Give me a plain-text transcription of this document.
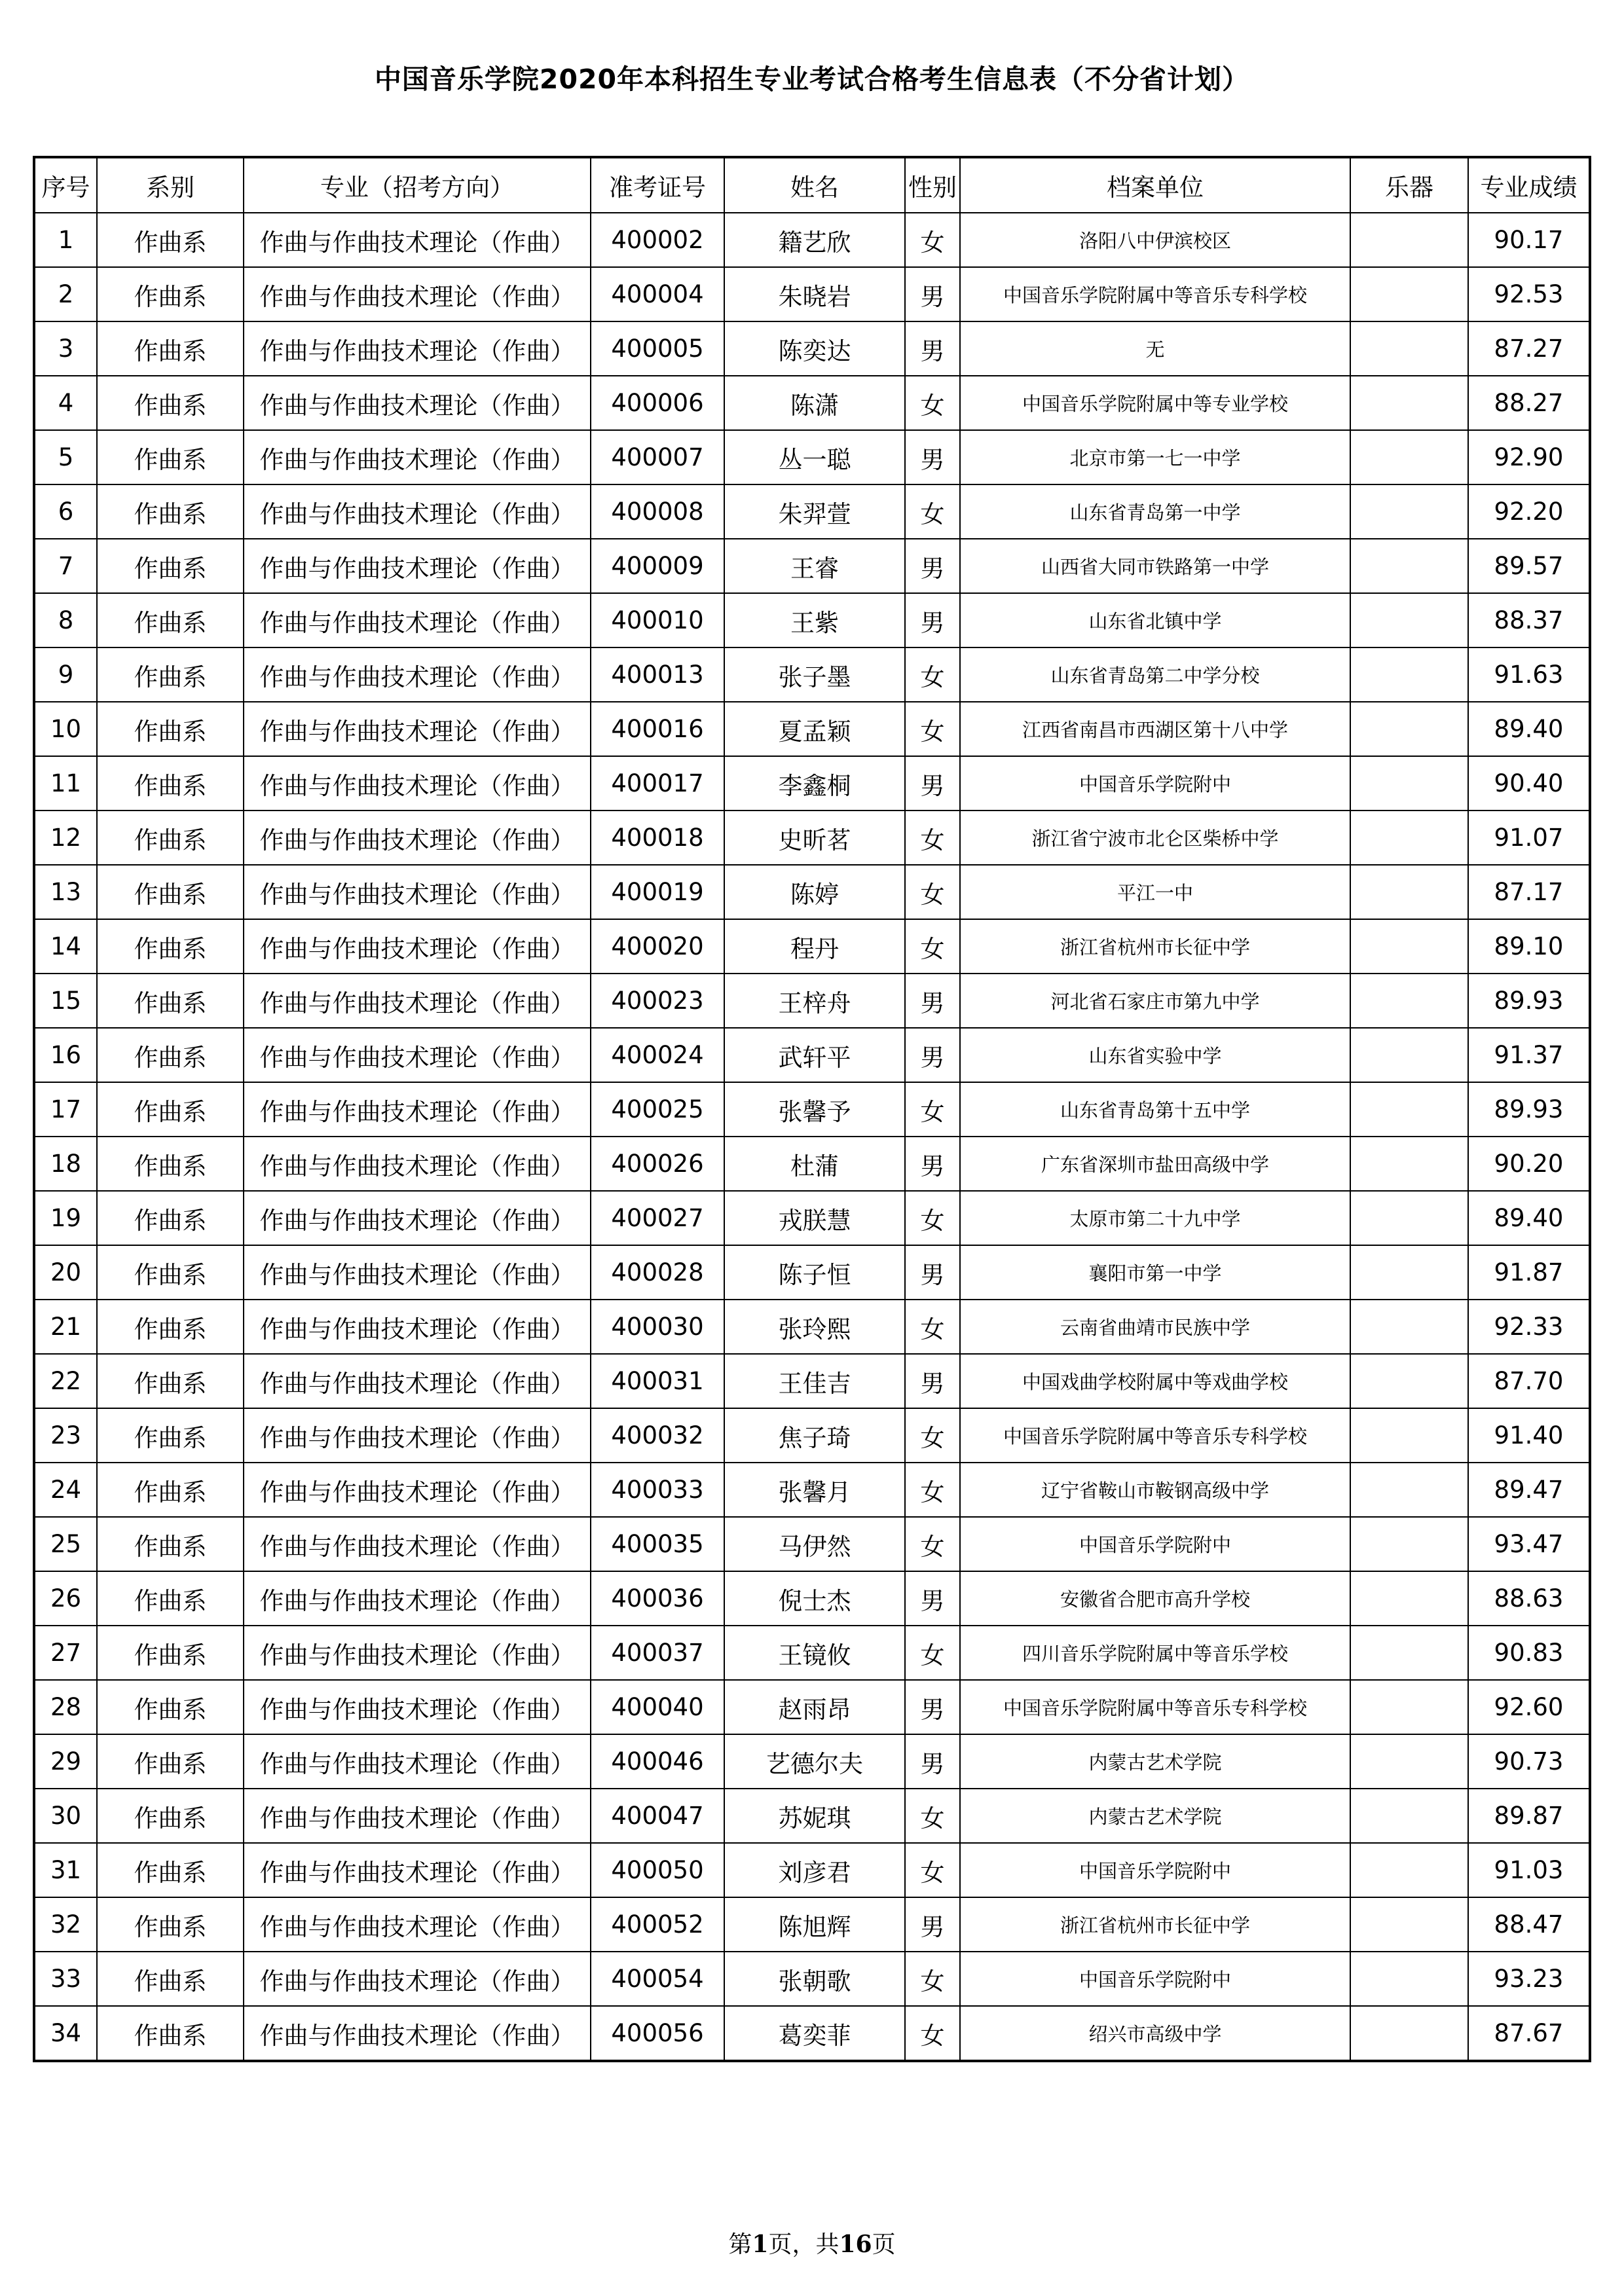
中国音乐学院2020年本科招生专业考试合格考生信息表（不分省计划）
序号	系别	专业（招考方向）	准考证号	姓名	性别	档案单位	乐器	专业成绩
1	作曲系	作曲与作曲技术理论（作曲）	400002	籍艺欣	女	洛阳八中伊滨校区		90.17
2	作曲系	作曲与作曲技术理论（作曲）	400004	朱晓岩	男	中国音乐学院附属中等音乐专科学校		92.53
3	作曲系	作曲与作曲技术理论（作曲）	400005	陈奕达	男	无		87.27
4	作曲系	作曲与作曲技术理论（作曲）	400006	陈潇	女	中国音乐学院附属中等专业学校		88.27
5	作曲系	作曲与作曲技术理论（作曲）	400007	丛一聪	男	北京市第一七一中学		92.90
6	作曲系	作曲与作曲技术理论（作曲）	400008	朱羿萱	女	山东省青岛第一中学		92.20
7	作曲系	作曲与作曲技术理论（作曲）	400009	王睿	男	山西省大同市铁路第一中学		89.57
8	作曲系	作曲与作曲技术理论（作曲）	400010	王紫	男	山东省北镇中学		88.37
9	作曲系	作曲与作曲技术理论（作曲）	400013	张子墨	女	山东省青岛第二中学分校		91.63
10	作曲系	作曲与作曲技术理论（作曲）	400016	夏孟颖	女	江西省南昌市西湖区第十八中学		89.40
11	作曲系	作曲与作曲技术理论（作曲）	400017	李鑫桐	男	中国音乐学院附中		90.40
12	作曲系	作曲与作曲技术理论（作曲）	400018	史昕茗	女	浙江省宁波市北仑区柴桥中学		91.07
13	作曲系	作曲与作曲技术理论（作曲）	400019	陈婷	女	平江一中		87.17
14	作曲系	作曲与作曲技术理论（作曲）	400020	程丹	女	浙江省杭州市长征中学		89.10
15	作曲系	作曲与作曲技术理论（作曲）	400023	王梓舟	男	河北省石家庄市第九中学		89.93
16	作曲系	作曲与作曲技术理论（作曲）	400024	武轩平	男	山东省实验中学		91.37
17	作曲系	作曲与作曲技术理论（作曲）	400025	张馨予	女	山东省青岛第十五中学		89.93
18	作曲系	作曲与作曲技术理论（作曲）	400026	杜蒲	男	广东省深圳市盐田高级中学		90.20
19	作曲系	作曲与作曲技术理论（作曲）	400027	戎朕慧	女	太原市第二十九中学		89.40
20	作曲系	作曲与作曲技术理论（作曲）	400028	陈子恒	男	襄阳市第一中学		91.87
21	作曲系	作曲与作曲技术理论（作曲）	400030	张玲熙	女	云南省曲靖市民族中学		92.33
22	作曲系	作曲与作曲技术理论（作曲）	400031	王佳吉	男	中国戏曲学校附属中等戏曲学校		87.70
23	作曲系	作曲与作曲技术理论（作曲）	400032	焦子琦	女	中国音乐学院附属中等音乐专科学校		91.40
24	作曲系	作曲与作曲技术理论（作曲）	400033	张馨月	女	辽宁省鞍山市鞍钢高级中学		89.47
25	作曲系	作曲与作曲技术理论（作曲）	400035	马伊然	女	中国音乐学院附中		93.47
26	作曲系	作曲与作曲技术理论（作曲）	400036	倪士杰	男	安徽省合肥市高升学校		88.63
27	作曲系	作曲与作曲技术理论（作曲）	400037	王镜攸	女	四川音乐学院附属中等音乐学校		90.83
28	作曲系	作曲与作曲技术理论（作曲）	400040	赵雨昂	男	中国音乐学院附属中等音乐专科学校		92.60
29	作曲系	作曲与作曲技术理论（作曲）	400046	艺德尔夫	男	内蒙古艺术学院		90.73
30	作曲系	作曲与作曲技术理论（作曲）	400047	苏妮琪	女	内蒙古艺术学院		89.87
31	作曲系	作曲与作曲技术理论（作曲）	400050	刘彦君	女	中国音乐学院附中		91.03
32	作曲系	作曲与作曲技术理论（作曲）	400052	陈旭辉	男	浙江省杭州市长征中学		88.47
33	作曲系	作曲与作曲技术理论（作曲）	400054	张朝歌	女	中国音乐学院附中		93.23
34	作曲系	作曲与作曲技术理论（作曲）	400056	葛奕菲	女	绍兴市高级中学		87.67
第1页，共16页
